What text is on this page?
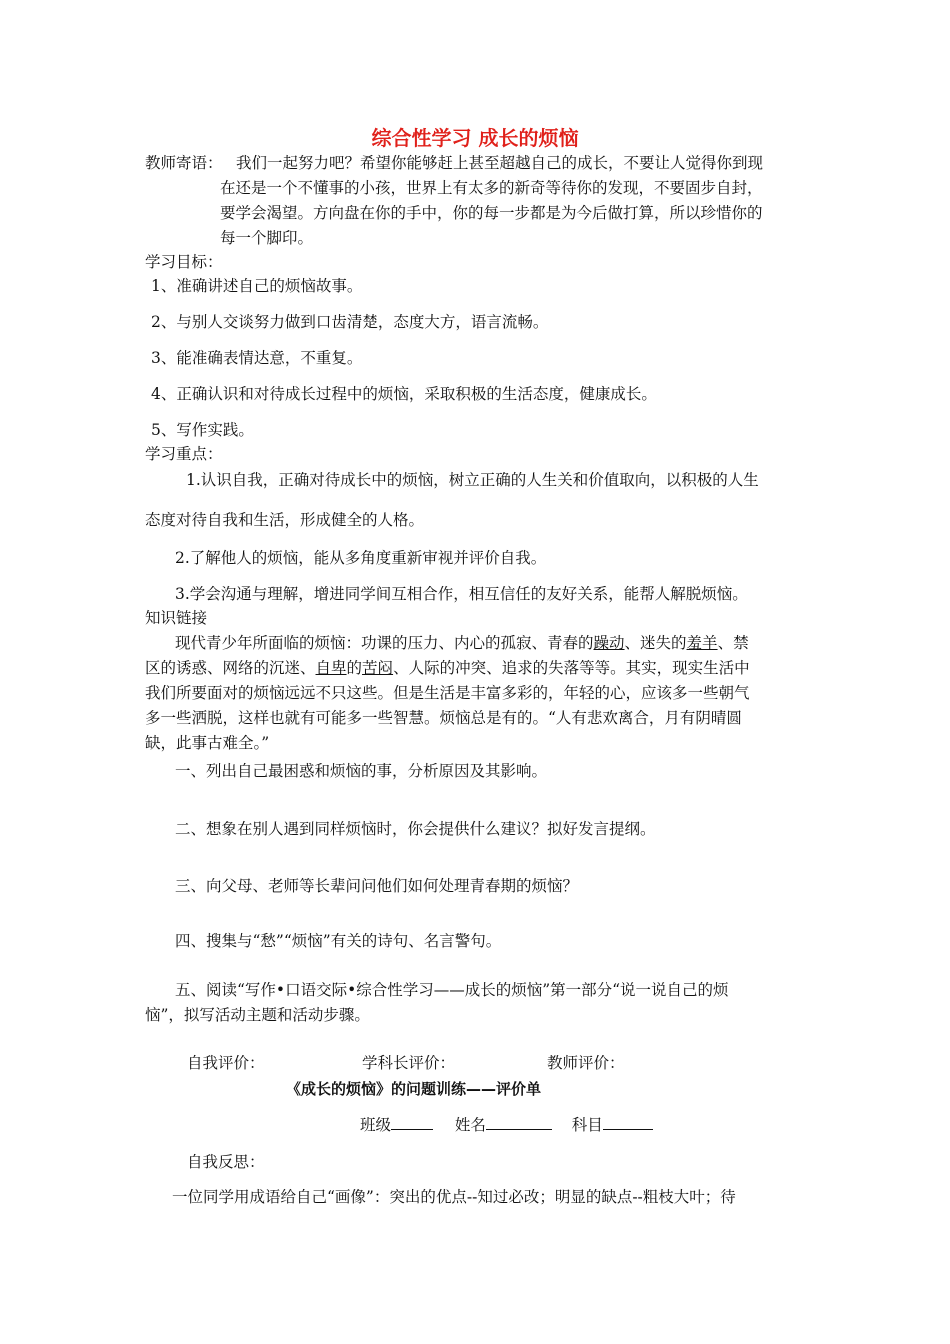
综合性学习 成长的烦恼
教师寄语： 我们一起努力吧？希望你能够赶上甚至超越自己的成长，不要让人觉得你到现
在还是一个不懂事的小孩，世界上有太多的新奇等待你的发现，不要固步自封，
要学会渴望。方向盘在你的手中，你的每一步都是为今后做打算，所以珍惜你的
每一个脚印。
学习目标：
1、准确讲述自己的烦恼故事。
2、与别人交谈努力做到口齿清楚，态度大方，语言流畅。
3、能准确表情达意，不重复。
4、正确认识和对待成长过程中的烦恼，采取积极的生活态度，健康成长。
5、写作实践。
学习重点：
1.认识自我，正确对待成长中的烦恼，树立正确的人生关和价值取向，以积极的人生
态度对待自我和生活，形成健全的人格。
2.了解他人的烦恼，能从多角度重新审视并评价自我。
3.学会沟通与理解，增进同学间互相合作，相互信任的友好关系，能帮人解脱烦恼。
知识链接
现代青少年所面临的烦恼：功课的压力、内心的孤寂、青春的躁动、迷失的羞羊、禁
区的诱惑、网络的沉迷、自卑的苦闷、人际的冲突、追求的失落等等。其实，现实生活中
我们所要面对的烦恼远远不只这些。但是生活是丰富多彩的，年轻的心，应该多一些朝气
多一些洒脱，这样也就有可能多一些智慧。烦恼总是有的。“人有悲欢离合，月有阴晴圆
缺，此事古难全。”
一、列出自己最困惑和烦恼的事，分析原因及其影响。
二、想象在别人遇到同样烦恼时，你会提供什么建议？拟好发言提纲。
三、向父母、老师等长辈问问他们如何处理青春期的烦恼？
四、搜集与“愁”“烦恼”有关的诗句、名言警句。
五、阅读“写作•口语交际•综合性学习——成长的烦恼”第一部分“说一说自己的烦
恼”，拟写活动主题和活动步骤。
自我评价：	学科长评价：	教师评价：
《成长的烦恼》的问题训练——评价单
班级	姓名	科目
自我反思：
一位同学用成语给自己“画像”：突出的优点--知过必改；明显的缺点--粗枝大叶；待
